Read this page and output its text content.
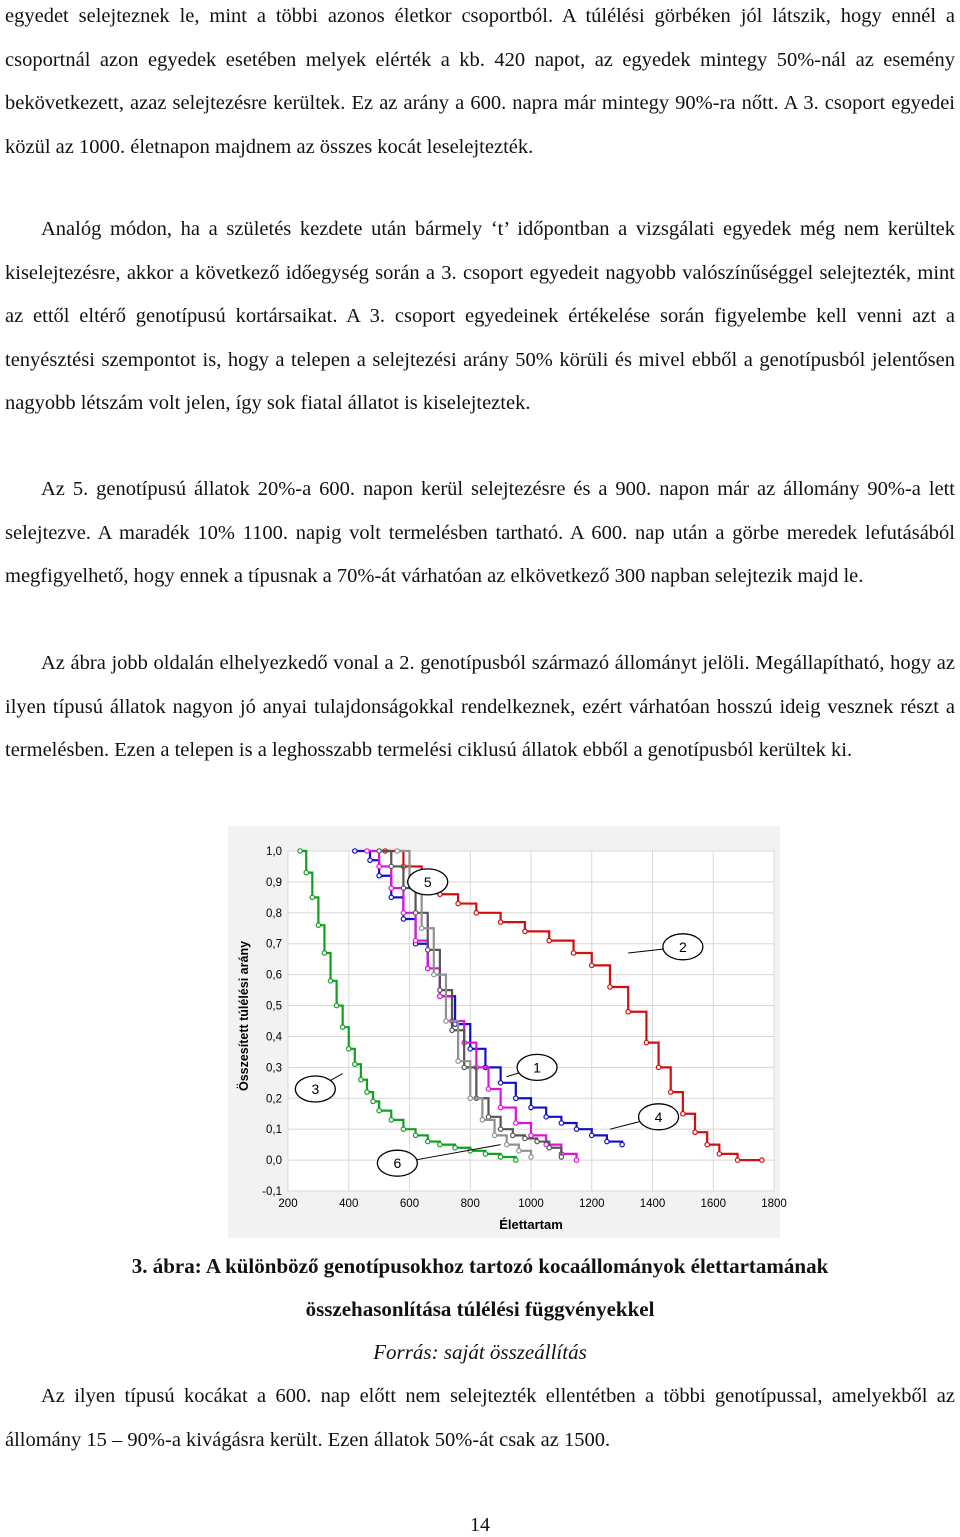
egyedet selejteznek le, mint a többi azonos életkor csoportból. A túlélési görbéken jól látszik, hogy ennél a csoportnál azon egyedek esetében melyek elérték a kb. 420 napot, az egyedek mintegy 50%-nál az esemény bekövetkezett, azaz selejtezésre kerültek. Ez az arány a 600. napra már mintegy 90%-ra nőtt. A 3. csoport egyedei közül az 1000. életnapon majdnem az összes kocát leselejtezték.

Analóg módon, ha a születés kezdete után bármely ‘t’ időpontban a vizsgálati egyedek még nem kerültek kiselejtezésre, akkor a következő időegység során a 3. csoport egyedeit nagyobb valószínűséggel selejtezték, mint az ettől eltérő genotípusú kortársaikat. A 3. csoport egyedeinek értékelése során figyelembe kell venni azt a tenyésztési szempontot is, hogy a telepen a selejtezési arány 50% körüli és mivel ebből a genotípusból jelentősen nagyobb létszám volt jelen, így sok fiatal állatot is kiselejteztek.

Az 5. genotípusú állatok 20%-a 600. napon kerül selejtezésre és a 900. napon már az állomány 90%-a lett selejtezve. A maradék 10% 1100. napig volt termelésben tartható. A 600. nap után a görbe meredek lefutásából megfigyelhető, hogy ennek a típusnak a 70%-át várhatóan az elkövetkező 300 napban selejtezik majd le.

Az ábra jobb oldalán elhelyezkedő vonal a 2. genotípusból származó állományt jelöli. Megállapítható, hogy az ilyen típusú állatok nagyon jó anyai tulajdonságokkal rendelkeznek, ezért várhatóan hosszú ideig vesznek részt a termelésben. Ezen a telepen is a leghosszabb termelési ciklusú állatok ebből a genotípusból kerültek ki.

1,0
0,9
0,8
0,7
0,6
0,5
0,4
0,3
0,2
0,1
0,0
-0,1
200	400	600	800	1000	1200	1400	1600	1800
5
2
1
4
3
6
Összesített túlélési arány
Élettartam

3. ábra: A különböző genotípusokhoz tartozó kocaállományok élettartamának

összehasonlítása túlélési függvényekkel

Forrás: saját összeállítás

Az ilyen típusú kocákat a 600. nap előtt nem selejtezték ellentétben a többi genotípussal, amelyekből az állomány 15 – 90%-a kivágásra került. Ezen állatok 50%-át csak az 1500.

14
